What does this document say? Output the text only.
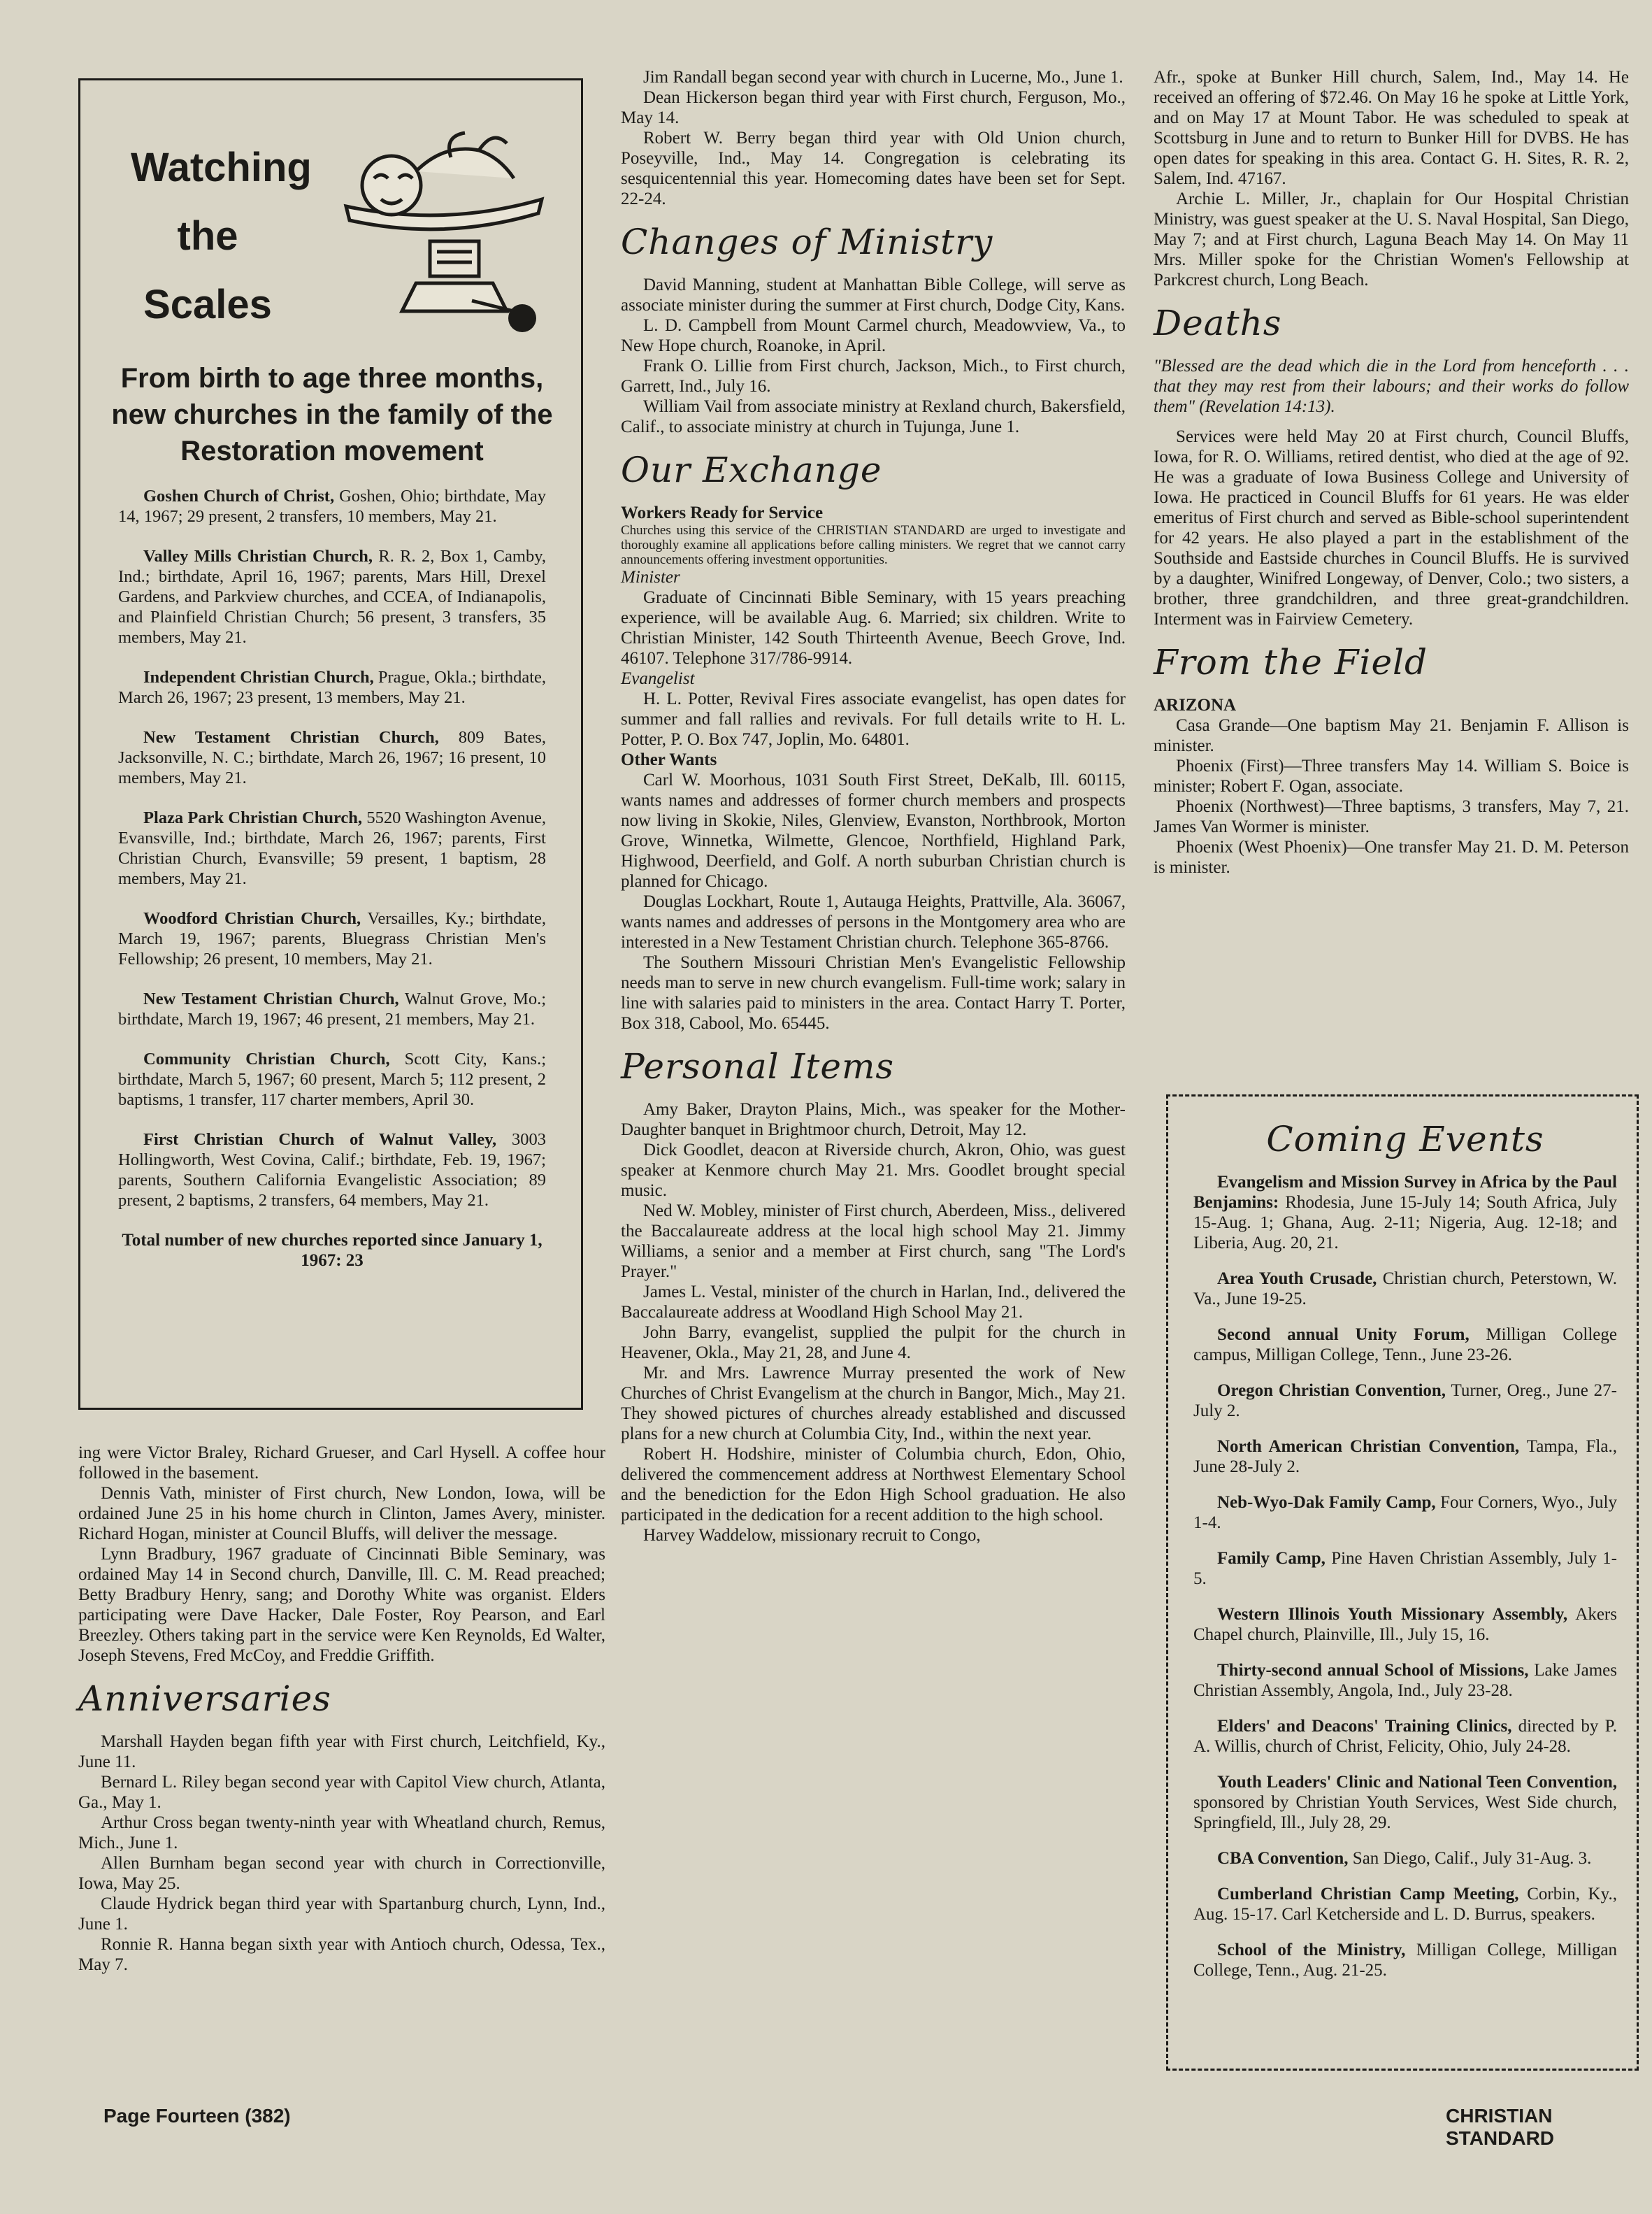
Watching
the
Scales
From birth to age three months, new churches in the family of the Restoration movement
Goshen Church of Christ, Goshen, Ohio; birthdate, May 14, 1967; 29 present, 2 transfers, 10 members, May 21.
Valley Mills Christian Church, R. R. 2, Box 1, Camby, Ind.; birthdate, April 16, 1967; parents, Mars Hill, Drexel Gardens, and Parkview churches, and CCEA, of Indianapolis, and Plainfield Christian Church; 56 present, 3 transfers, 35 members, May 21.
Independent Christian Church, Prague, Okla.; birthdate, March 26, 1967; 23 present, 13 members, May 21.
New Testament Christian Church, 809 Bates, Jacksonville, N. C.; birthdate, March 26, 1967; 16 present, 10 members, May 21.
Plaza Park Christian Church, 5520 Washington Avenue, Evansville, Ind.; birthdate, March 26, 1967; parents, First Christian Church, Evansville; 59 present, 1 baptism, 28 members, May 21.
Woodford Christian Church, Versailles, Ky.; birthdate, March 19, 1967; parents, Bluegrass Christian Men's Fellowship; 26 present, 10 members, May 21.
New Testament Christian Church, Walnut Grove, Mo.; birthdate, March 19, 1967; 46 present, 21 members, May 21.
Community Christian Church, Scott City, Kans.; birthdate, March 5, 1967; 60 present, March 5; 112 present, 2 baptisms, 1 transfer, 117 charter members, April 30.
First Christian Church of Walnut Valley, 3003 Hollingworth, West Covina, Calif.; birthdate, Feb. 19, 1967; parents, Southern California Evangelistic Association; 89 present, 2 baptisms, 2 transfers, 64 members, May 21.
Total number of new churches reported since January 1, 1967: 23

ing were Victor Braley, Richard Grueser, and Carl Hysell. A coffee hour followed in the basement.

Dennis Vath, minister of First church, New London, Iowa, will be ordained June 25 in his home church in Clinton, James Avery, minister. Richard Hogan, minister at Council Bluffs, will deliver the message.

Lynn Bradbury, 1967 graduate of Cincinnati Bible Seminary, was ordained May 14 in Second church, Danville, Ill. C. M. Read preached; Betty Bradbury Henry, sang; and Dorothy White was organist. Elders participating were Dave Hacker, Dale Foster, Roy Pearson, and Earl Breezley. Others taking part in the service were Ken Reynolds, Ed Walter, Joseph Stevens, Fred McCoy, and Freddie Griffith.

Anniversaries

Marshall Hayden began fifth year with First church, Leitchfield, Ky., June 11.

Bernard L. Riley began second year with Capitol View church, Atlanta, Ga., May 1.

Arthur Cross began twenty-ninth year with Wheatland church, Remus, Mich., June 1.

Allen Burnham began second year with church in Correctionville, Iowa, May 25.

Claude Hydrick began third year with Spartanburg church, Lynn, Ind., June 1.

Ronnie R. Hanna began sixth year with Antioch church, Odessa, Tex., May 7.

Jim Randall began second year with church in Lucerne, Mo., June 1.

Dean Hickerson began third year with First church, Ferguson, Mo., May 14.

Robert W. Berry began third year with Old Union church, Poseyville, Ind., May 14. Congregation is celebrating its sesquicentennial this year. Homecoming dates have been set for Sept. 22-24.

Changes of Ministry

David Manning, student at Manhattan Bible College, will serve as associate minister during the summer at First church, Dodge City, Kans.

L. D. Campbell from Mount Carmel church, Meadowview, Va., to New Hope church, Roanoke, in April.

Frank O. Lillie from First church, Jackson, Mich., to First church, Garrett, Ind., July 16.

William Vail from associate ministry at Rexland church, Bakersfield, Calif., to associate ministry at church in Tujunga, June 1.

Our Exchange

Workers Ready for Service

Churches using this service of the CHRISTIAN STANDARD are urged to investigate and thoroughly examine all applications before calling ministers. We regret that we cannot carry announcements offering investment opportunities.

Minister

Graduate of Cincinnati Bible Seminary, with 15 years preaching experience, will be available Aug. 6. Married; six children. Write to Christian Minister, 142 South Thirteenth Avenue, Beech Grove, Ind. 46107. Telephone 317/786-9914.

Evangelist

H. L. Potter, Revival Fires associate evangelist, has open dates for summer and fall rallies and revivals. For full details write to H. L. Potter, P. O. Box 747, Joplin, Mo. 64801.

Other Wants

Carl W. Moorhous, 1031 South First Street, DeKalb, Ill. 60115, wants names and addresses of former church members and prospects now living in Skokie, Niles, Glenview, Evanston, Northbrook, Morton Grove, Winnetka, Wilmette, Glencoe, Northfield, Highland Park, Highwood, Deerfield, and Golf. A north suburban Christian church is planned for Chicago.

Douglas Lockhart, Route 1, Autauga Heights, Prattville, Ala. 36067, wants names and addresses of persons in the Montgomery area who are interested in a New Testament Christian church. Telephone 365-8766.

The Southern Missouri Christian Men's Evangelistic Fellowship needs man to serve in new church evangelism. Full-time work; salary in line with salaries paid to ministers in the area. Contact Harry T. Porter, Box 318, Cabool, Mo. 65445.

Personal Items

Amy Baker, Drayton Plains, Mich., was speaker for the Mother-Daughter banquet in Brightmoor church, Detroit, May 12.

Dick Goodlet, deacon at Riverside church, Akron, Ohio, was guest speaker at Kenmore church May 21. Mrs. Goodlet brought special music.

Ned W. Mobley, minister of First church, Aberdeen, Miss., delivered the Baccalaureate address at the local high school May 21. Jimmy Williams, a senior and a member at First church, sang "The Lord's Prayer."

James L. Vestal, minister of the church in Harlan, Ind., delivered the Baccalaureate address at Woodland High School May 21.

John Barry, evangelist, supplied the pulpit for the church in Heavener, Okla., May 21, 28, and June 4.

Mr. and Mrs. Lawrence Murray presented the work of New Churches of Christ Evangelism at the church in Bangor, Mich., May 21. They showed pictures of churches already established and discussed plans for a new church at Columbia City, Ind., within the next year.

Robert H. Hodshire, minister of Columbia church, Edon, Ohio, delivered the commencement address at Northwest Elementary School and the benediction for the Edon High School graduation. He also participated in the dedication for a recent addition to the high school.

Harvey Waddelow, missionary recruit to Congo,

Afr., spoke at Bunker Hill church, Salem, Ind., May 14. He received an offering of $72.46. On May 16 he spoke at Little York, and on May 17 at Mount Tabor. He was scheduled to speak at Scottsburg in June and to return to Bunker Hill for DVBS. He has open dates for speaking in this area. Contact G. H. Sites, R. R. 2, Salem, Ind. 47167.

Archie L. Miller, Jr., chaplain for Our Hospital Christian Ministry, was guest speaker at the U. S. Naval Hospital, San Diego, May 7; and at First church, Laguna Beach May 14. On May 11 Mrs. Miller spoke for the Christian Women's Fellowship at Parkcrest church, Long Beach.

Deaths

"Blessed are the dead which die in the Lord from henceforth . . . that they may rest from their labours; and their works do follow them" (Revelation 14:13).

Services were held May 20 at First church, Council Bluffs, Iowa, for R. O. Williams, retired dentist, who died at the age of 92. He was a graduate of Iowa Business College and University of Iowa. He practiced in Council Bluffs for 61 years. He was elder emeritus of First church and served as Bible-school superintendent for 42 years. He also played a part in the establishment of the Southside and Eastside churches in Council Bluffs. He is survived by a daughter, Winifred Longeway, of Denver, Colo.; two sisters, a brother, three grandchildren, and three great-grandchildren. Interment was in Fairview Cemetery.

From the Field

ARIZONA

Casa Grande—One baptism May 21. Benjamin F. Allison is minister.

Phoenix (First)—Three transfers May 14. William S. Boice is minister; Robert F. Ogan, associate.

Phoenix (Northwest)—Three baptisms, 3 transfers, May 7, 21. James Van Wormer is minister.

Phoenix (West Phoenix)—One transfer May 21. D. M. Peterson is minister.

Coming Events
Evangelism and Mission Survey in Africa by the Paul Benjamins: Rhodesia, June 15-July 14; South Africa, July 15-Aug. 1; Ghana, Aug. 2-11; Nigeria, Aug. 12-18; and Liberia, Aug. 20, 21.
Area Youth Crusade, Christian church, Peterstown, W. Va., June 19-25.
Second annual Unity Forum, Milligan College campus, Milligan College, Tenn., June 23-26.
Oregon Christian Convention, Turner, Oreg., June 27-July 2.
North American Christian Convention, Tampa, Fla., June 28-July 2.
Neb-Wyo-Dak Family Camp, Four Corners, Wyo., July 1-4.
Family Camp, Pine Haven Christian Assembly, July 1-5.
Western Illinois Youth Missionary Assembly, Akers Chapel church, Plainville, Ill., July 15, 16.
Thirty-second annual School of Missions, Lake James Christian Assembly, Angola, Ind., July 23-28.
Elders' and Deacons' Training Clinics, directed by P. A. Willis, church of Christ, Felicity, Ohio, July 24-28.
Youth Leaders' Clinic and National Teen Convention, sponsored by Christian Youth Services, West Side church, Springfield, Ill., July 28, 29.
CBA Convention, San Diego, Calif., July 31-Aug. 3.
Cumberland Christian Camp Meeting, Corbin, Ky., Aug. 15-17. Carl Ketcherside and L. D. Burrus, speakers.
School of the Ministry, Milligan College, Milligan College, Tenn., Aug. 21-25.
Page Fourteen (382)	CHRISTIAN STANDARD
